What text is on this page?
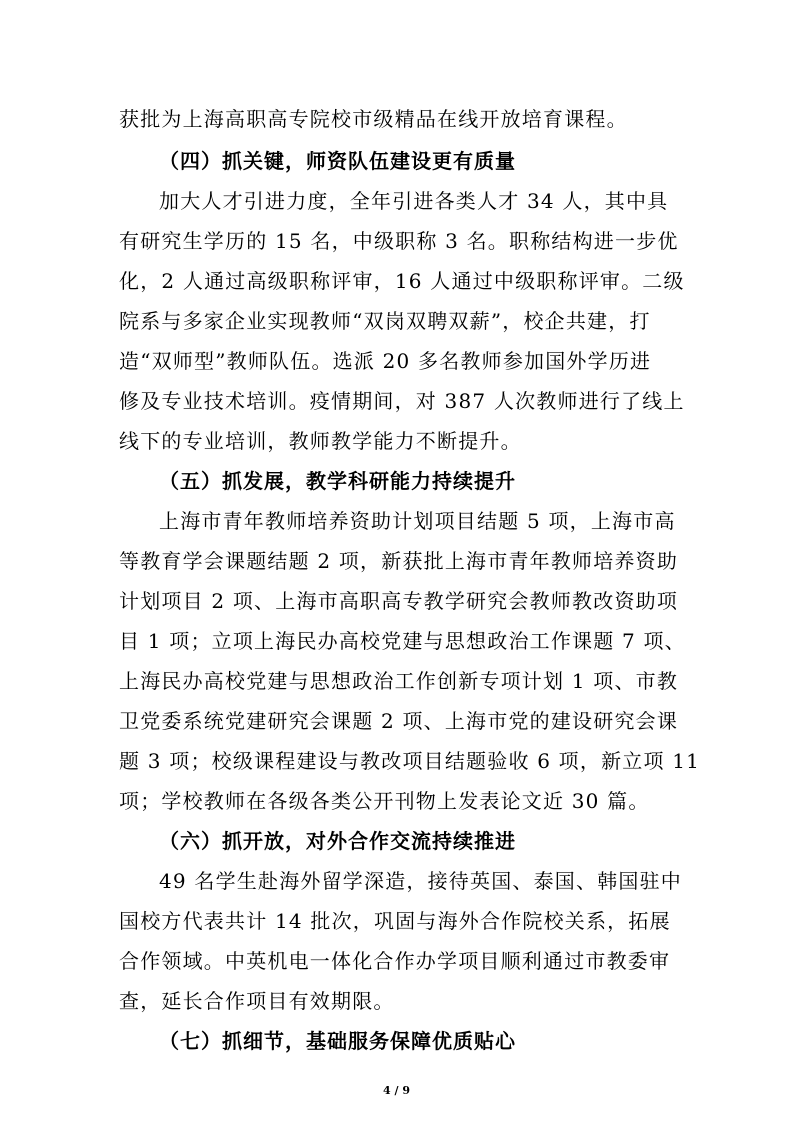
获批为上海高职高专院校市级精品在线开放培育课程。
（四）抓关键，师资队伍建设更有质量
加大人才引进力度，全年引进各类人才 34 人，其中具
有研究生学历的 15 名，中级职称 3 名。职称结构进一步优
化，2 人通过高级职称评审，16 人通过中级职称评审。二级
院系与多家企业实现教师“双岗双聘双薪”，校企共建，打
造“双师型”教师队伍。选派 20 多名教师参加国外学历进
修及专业技术培训。疫情期间，对 387 人次教师进行了线上
线下的专业培训，教师教学能力不断提升。
（五）抓发展，教学科研能力持续提升
上海市青年教师培养资助计划项目结题 5 项，上海市高
等教育学会课题结题 2 项，新获批上海市青年教师培养资助
计划项目 2 项、上海市高职高专教学研究会教师教改资助项
目 1 项；立项上海民办高校党建与思想政治工作课题 7 项、
上海民办高校党建与思想政治工作创新专项计划 1 项、市教
卫党委系统党建研究会课题 2 项、上海市党的建设研究会课
题 3 项；校级课程建设与教改项目结题验收 6 项，新立项 11
项；学校教师在各级各类公开刊物上发表论文近 30 篇。
（六）抓开放，对外合作交流持续推进
49 名学生赴海外留学深造，接待英国、泰国、韩国驻中
国校方代表共计 14 批次，巩固与海外合作院校关系，拓展
合作领域。中英机电一体化合作办学项目顺利通过市教委审
查，延长合作项目有效期限。
（七）抓细节，基础服务保障优质贴心
4 / 9
